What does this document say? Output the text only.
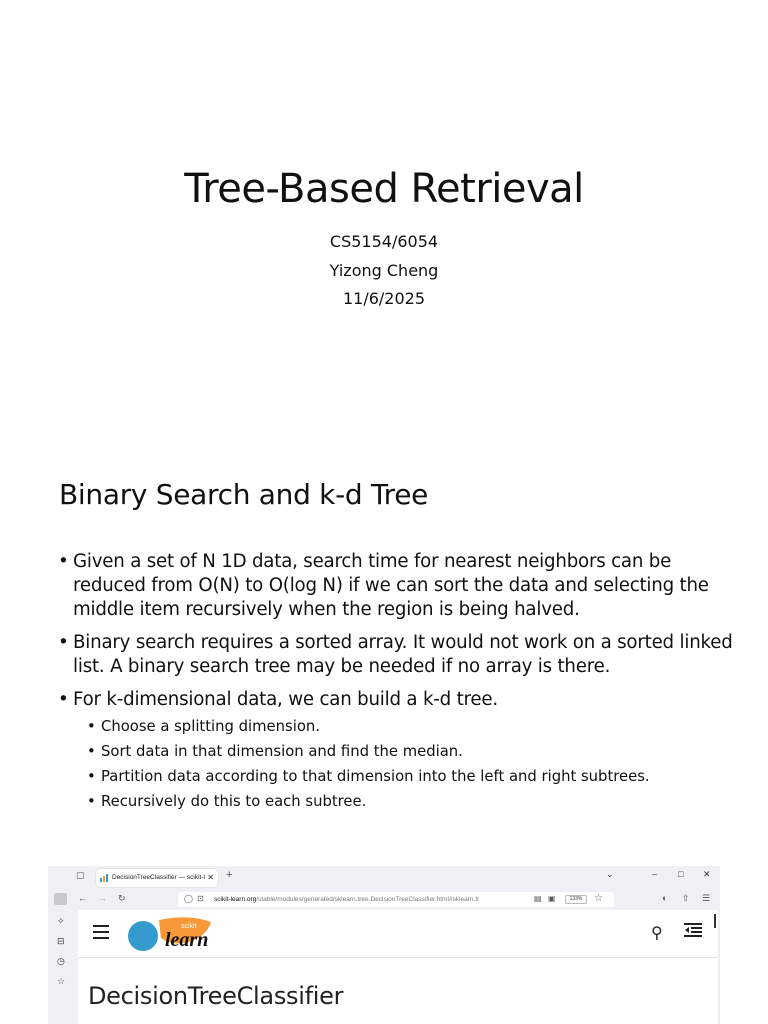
Tree-Based Retrieval
CS5154/6054
Yizong Cheng
11/6/2025
Binary Search and k-d Tree
• Given a set of N 1D data, search time for nearest neighbors can be reduced from O(N) to O(log N) if we can sort the data and selecting the middle item recursively when the region is being halved.
• Binary search requires a sorted array. It would not work on a sorted linked list. A binary search tree may be needed if no array is there.
• For k-dimensional data, we can build a k-d tree.
• Choose a splitting dimension.
• Sort data in that dimension and find the median.
• Partition data according to that dimension into the left and right subtrees.
• Recursively do this to each subtree.
▢	DecisionTreeClassifier — scikit-l ✕ +	⌄	– □ ✕
← → ↻	◯ ⊡ scikit-learn.org/stable/modules/generated/sklearn.tree.DecisionTreeClassifier.html#sklearn.tr	▤ ▣	133%	☆	◐ ⇧ ☰
✧
⊟
◷
☆
scikit
learn	⚲
DecisionTreeClassifier
